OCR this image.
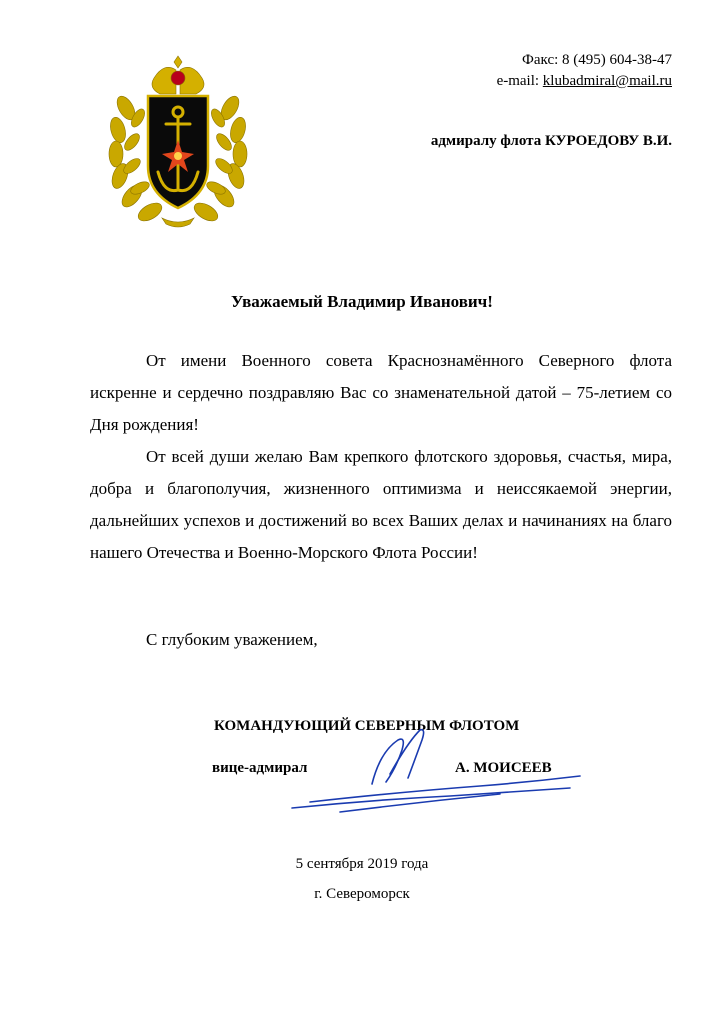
Факс: 8 (495) 604-38-47
e-mail: klubadmiral@mail.ru
адмиралу флота КУРОЕДОВУ В.И.
Уважаемый Владимир Иванович!

От имени Военного совета Краснознамённого Северного флота искренне и сердечно поздравляю Вас со знаменательной датой – 75-летием со Дня рождения!

От всей души желаю Вам крепкого флотского здоровья, счастья, мира, добра и благополучия, жизненного оптимизма и неиссякаемой энергии, дальнейших успехов и достижений во всех Ваших делах и начинаниях на благо нашего Отечества и Военно-Морского Флота России!

С глубоким уважением,
КОМАНДУЮЩИЙ СЕВЕРНЫМ ФЛОТОМ
вице-адмирал	А. МОИСЕЕВ
5 сентября 2019 года
г. Североморск
